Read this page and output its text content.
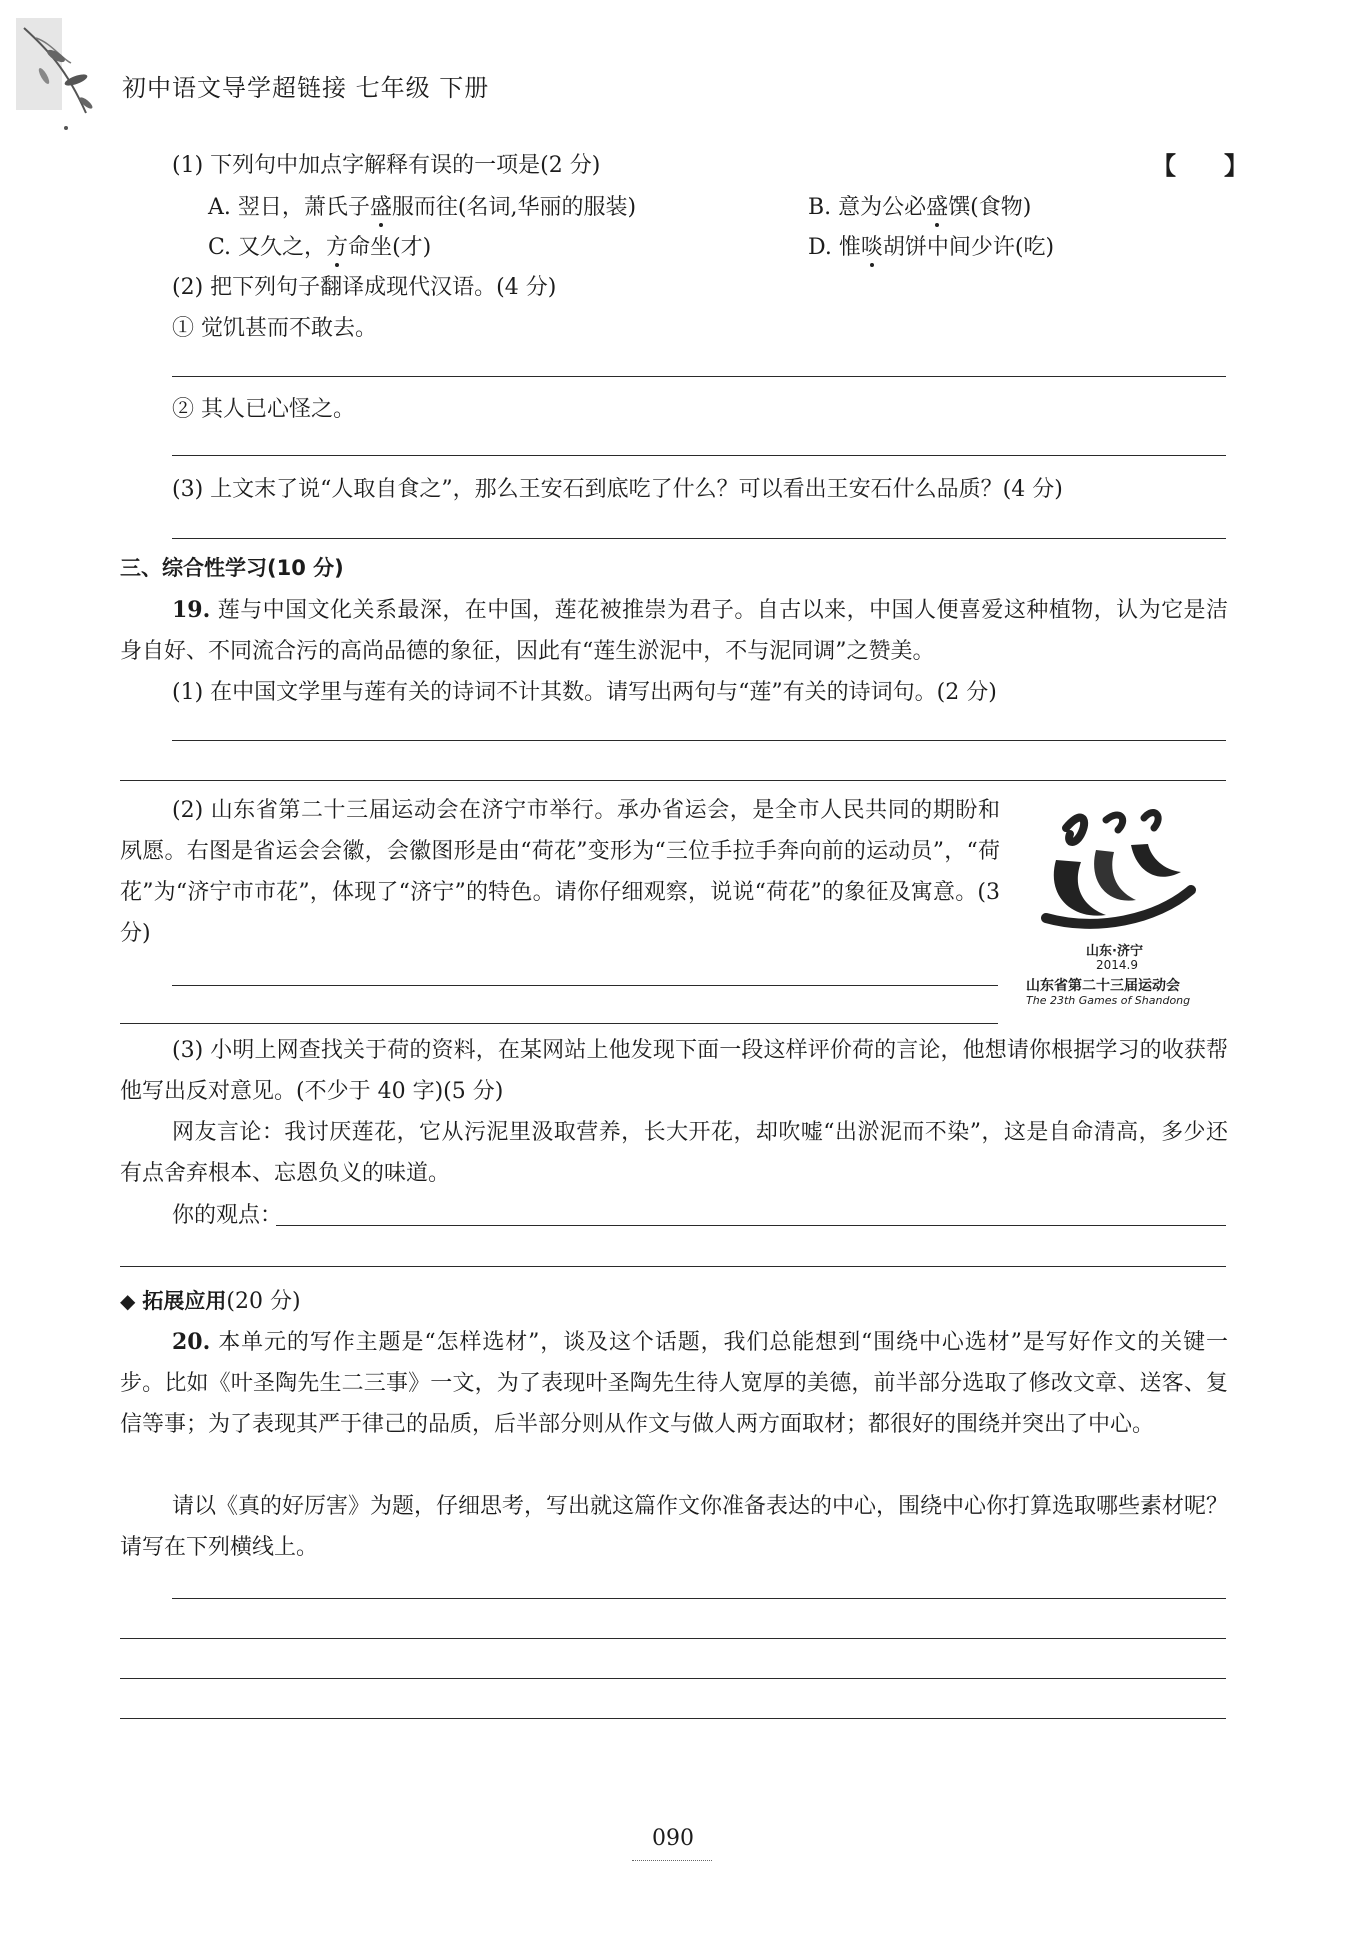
初中语文导学超链接 七年级 下册
(1) 下列句中加点字解释有误的一项是(2 分)	【　　】
A. 翌日，萧氏子盛服而往(名词,华丽的服装)	B. 意为公必盛馔(食物)
C. 又久之，方命坐(才)	D. 惟啖胡饼中间少许(吃)
(2) 把下列句子翻译成现代汉语。(4 分)
① 觉饥甚而不敢去。
② 其人已心怪之。
(3) 上文末了说“人取自食之”，那么王安石到底吃了什么？可以看出王安石什么品质？(4 分)
三、综合性学习(10 分)
19. 莲与中国文化关系最深，在中国，莲花被推崇为君子。自古以来，中国人便喜爱这种植物，认为它是洁身自好、不同流合污的高尚品德的象征，因此有“莲生淤泥中，不与泥同调”之赞美。
(1) 在中国文学里与莲有关的诗词不计其数。请写出两句与“莲”有关的诗词句。(2 分)
(2) 山东省第二十三届运动会在济宁市举行。承办省运会，是全市人民共同的期盼和夙愿。右图是省运会会徽，会徽图形是由“荷花”变形为“三位手拉手奔向前的运动员”，“荷花”为“济宁市市花”，体现了“济宁”的特色。请你仔细观察，说说“荷花”的象征及寓意。(3 分)
山东·济宁
2014.9
山东省第二十三届运动会
The 23th Games of Shandong
(3) 小明上网查找关于荷的资料，在某网站上他发现下面一段这样评价荷的言论，他想请你根据学习的收获帮他写出反对意见。(不少于 40 字)(5 分)
网友言论：我讨厌莲花，它从污泥里汲取营养，长大开花，却吹嘘“出淤泥而不染”，这是自命清高，多少还有点舍弃根本、忘恩负义的味道。
你的观点：
◆ 拓展应用(20 分)
20. 本单元的写作主题是“怎样选材”，谈及这个话题，我们总能想到“围绕中心选材”是写好作文的关键一步。比如《叶圣陶先生二三事》一文，为了表现叶圣陶先生待人宽厚的美德，前半部分选取了修改文章、送客、复信等事；为了表现其严于律己的品质，后半部分则从作文与做人两方面取材；都很好的围绕并突出了中心。
请以《真的好厉害》为题，仔细思考，写出就这篇作文你准备表达的中心，围绕中心你打算选取哪些素材呢？请写在下列横线上。
090
